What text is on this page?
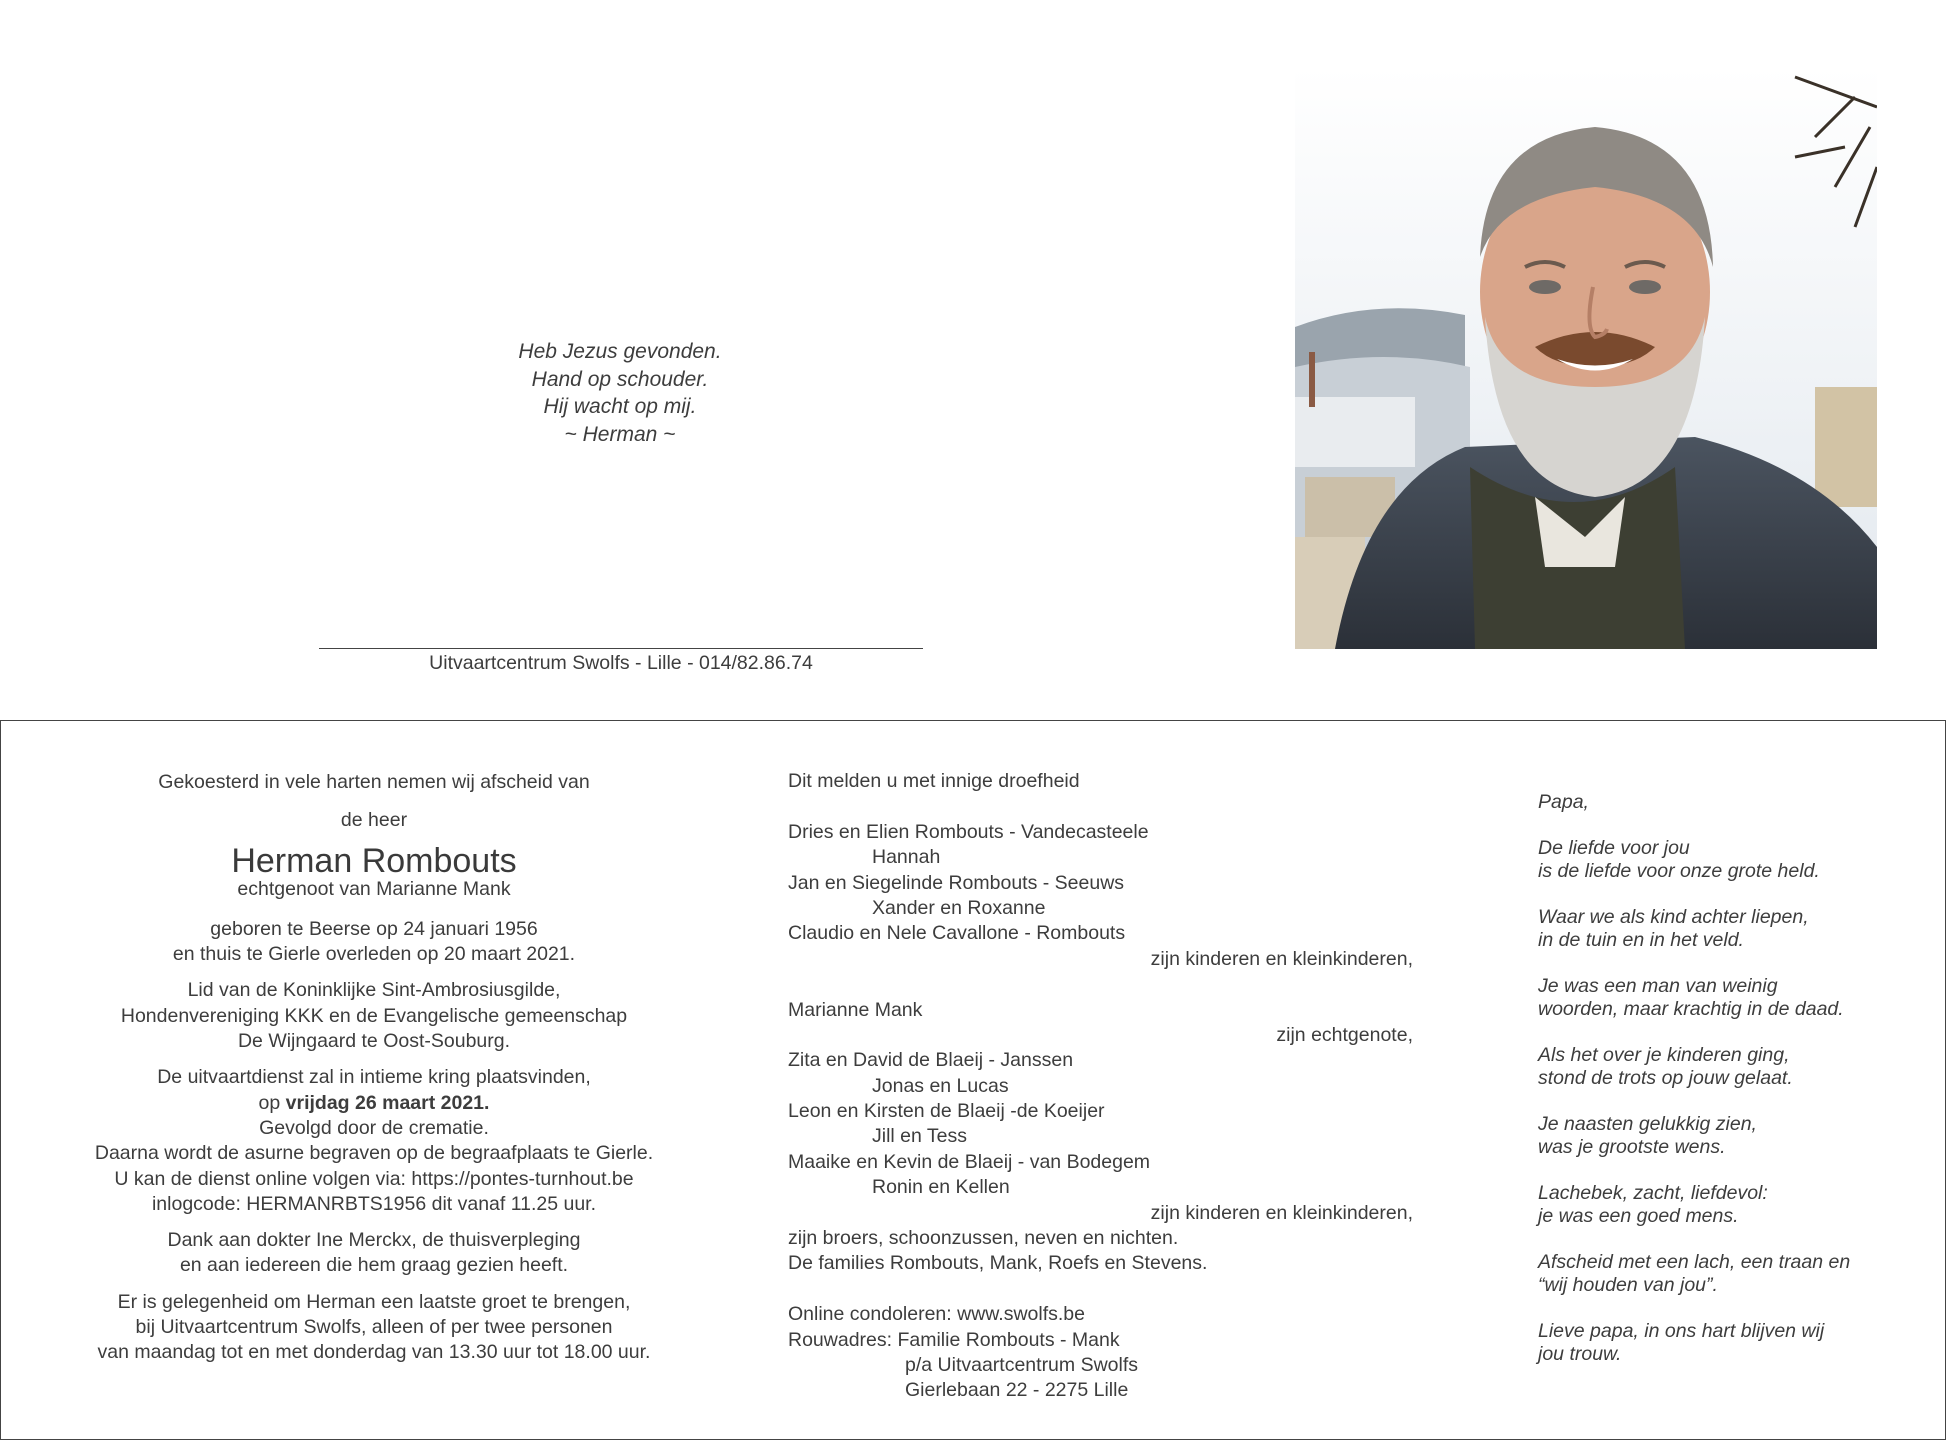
Heb Jezus gevonden.
Hand op schouder.
Hij wacht op mij.
~ Herman ~
Uitvaartcentrum Swolfs - Lille - 014/82.86.74
Gekoesterd in vele harten nemen wij afscheid van
de heer
Herman Rombouts
echtgenoot van Marianne Mank
geboren te Beerse op 24 januari 1956
en thuis te Gierle overleden op 20 maart 2021.
Lid van de Koninklijke Sint-Ambrosiusgilde,
Hondenvereniging KKK en de Evangelische gemeenschap
De Wijngaard te Oost-Souburg.
De uitvaartdienst zal in intieme kring plaatsvinden,
op vrijdag 26 maart 2021.
Gevolgd door de crematie.
Daarna wordt de asurne begraven op de begraafplaats te Gierle.
U kan de dienst online volgen via: https://pontes-turnhout.be
inlogcode: HERMANRBTS1956 dit vanaf 11.25 uur.
Dank aan dokter Ine Merckx, de thuisverpleging
en aan iedereen die hem graag gezien heeft.
Er is gelegenheid om Herman een laatste groet te brengen,
bij Uitvaartcentrum Swolfs, alleen of per twee personen
van maandag tot en met donderdag van 13.30 uur tot 18.00 uur.
Dit melden u met innige droefheid
Dries en Elien Rombouts - Vandecasteele
Hannah
Jan en Siegelinde Rombouts - Seeuws
Xander en Roxanne
Claudio en Nele Cavallone - Rombouts
zijn kinderen en kleinkinderen,
Marianne Mank
zijn echtgenote,
Zita en David de Blaeij - Janssen
Jonas en Lucas
Leon en Kirsten de Blaeij -de Koeijer
Jill en Tess
Maaike en Kevin de Blaeij - van Bodegem
Ronin en Kellen
zijn kinderen en kleinkinderen,
zijn broers, schoonzussen, neven en nichten.
De families Rombouts, Mank, Roefs en Stevens.
Online condoleren: www.swolfs.be
Rouwadres: Familie Rombouts - Mank
p/a Uitvaartcentrum Swolfs
Gierlebaan 22 - 2275 Lille
Papa,
De liefde voor jou
is de liefde voor onze grote held.
Waar we als kind achter liepen,
in de tuin en in het veld.
Je was een man van weinig
woorden, maar krachtig in de daad.
Als het over je kinderen ging,
stond de trots op jouw gelaat.
Je naasten gelukkig zien,
was je grootste wens.
Lachebek, zacht, liefdevol:
je was een goed mens.
Afscheid met een lach, een traan en
“wij houden van jou”.
Lieve papa, in ons hart blijven wij
jou trouw.
